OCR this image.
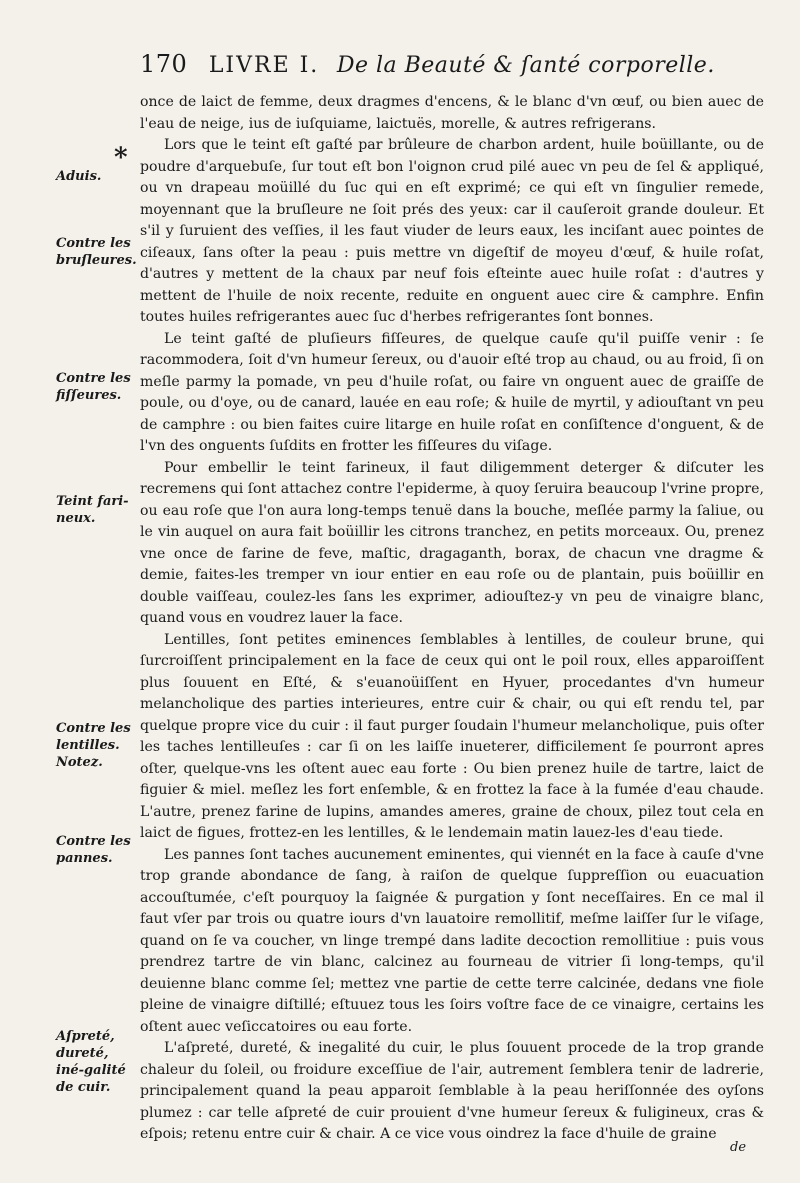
170 LIVRE I. De la Beauté & ſanté corporelle.
*
Aduis.
Contre les bruſleures.
Contre les fiſſeures.
Teint fari-neux.
Contre les lentilles. Notez.
Contre les pannes.
Aſpreté, dureté, iné-galité de cuir.

once de laict de femme, deux dragmes d'encens, & le blanc d'vn œuf, ou bien auec de l'eau de neige, ius de iuſquiame, laictuës, morelle, & autres refrigerans.

Lors que le teint eſt gaſté par brûleure de charbon ardent, huile boüillante, ou de poudre d'arquebuſe, ſur tout eſt bon l'oignon crud pilé auec vn peu de ſel & appliqué, ou vn drapeau moüillé du ſuc qui en eſt exprimé; ce qui eſt vn ſingulier remede, moyennant que la bruſleure ne ſoit prés des yeux: car il cauſeroit grande douleur. Et s'il y ſuruient des veſſies, il les faut viuder de leurs eaux, les inciſant auec pointes de ciſeaux, ſans oſter la peau : puis mettre vn digeſtif de moyeu d'œuf, & huile roſat, d'autres y mettent de la chaux par neuf fois eſteinte auec huile roſat : d'autres y mettent de l'huile de noix recente, reduite en onguent auec cire & camphre. Enfin toutes huiles refrigerantes auec ſuc d'herbes refrigerantes ſont bonnes.

Le teint gaſté de pluſieurs fiſſeures, de quelque cauſe qu'il puiſſe venir : ſe racommodera, ſoit d'vn humeur ſereux, ou d'auoir eſté trop au chaud, ou au froid, ſi on meſle parmy la pomade, vn peu d'huile roſat, ou faire vn onguent auec de graiſſe de poule, ou d'oye, ou de canard, lauée en eau roſe; & huile de myrtil, y adiouſtant vn peu de camphre : ou bien faites cuire litarge en huile roſat en conſiſtence d'onguent, & de l'vn des onguents ſuſdits en frotter les fiſſeures du viſage.

Pour embellir le teint farineux, il faut diligemment deterger & diſcuter les recremens qui ſont attachez contre l'epiderme, à quoy ſeruira beaucoup l'vrine propre, ou eau roſe que l'on aura long-temps tenuë dans la bouche, meſlée parmy la ſaliue, ou le vin auquel on aura fait boüillir les citrons tranchez, en petits morceaux. Ou, prenez vne once de farine de feve, maſtic, dragaganth, borax, de chacun vne dragme & demie, faites-les tremper vn iour entier en eau roſe ou de plantain, puis boüillir en double vaiſſeau, coulez-les ſans les exprimer, adiouſtez-y vn peu de vinaigre blanc, quand vous en voudrez lauer la face.

Lentilles, ſont petites eminences ſemblables à lentilles, de couleur brune, qui ſurcroiſſent principalement en la face de ceux qui ont le poil roux, elles apparoiſſent plus ſouuent en Eſté, & s'euanoüiſſent en Hyuer, procedantes d'vn humeur melancholique des parties interieures, entre cuir & chair, ou qui eſt rendu tel, par quelque propre vice du cuir : il faut purger ſoudain l'humeur melancholique, puis oſter les taches lentilleuſes : car ſi on les laiſſe inueterer, difficilement ſe pourront apres oſter, quelque-vns les oſtent auec eau forte : Ou bien prenez huile de tartre, laict de figuier & miel. meſlez les fort enſemble, & en frottez la face à la fumée d'eau chaude. L'autre, prenez farine de lupins, amandes ameres, graine de choux, pilez tout cela en laict de figues, frottez-en les lentilles, & le lendemain matin lauez-les d'eau tiede.

Les pannes ſont taches aucunement eminentes, qui viennét en la face à cauſe d'vne trop grande abondance de ſang, à raiſon de quelque ſuppreſſion ou euacuation accouſtumée, c'eſt pourquoy la ſaignée & purgation y ſont neceſſaires. En ce mal il faut vſer par trois ou quatre iours d'vn lauatoire remollitif, meſme laiſſer ſur le viſage, quand on ſe va coucher, vn linge trempé dans ladite decoction remollitiue : puis vous prendrez tartre de vin blanc, calcinez au fourneau de vitrier ſi long-temps, qu'il deuienne blanc comme ſel; mettez vne partie de cette terre calcinée, dedans vne fiole pleine de vinaigre diſtillé; eſtuuez tous les ſoirs voſtre face de ce vinaigre, certains les oſtent auec veſiccatoires ou eau forte.

L'aſpreté, dureté, & inegalité du cuir, le plus ſouuent procede de la trop grande chaleur du ſoleil, ou froidure exceſſiue de l'air, autrement ſemblera tenir de ladrerie, principalement quand la peau apparoit ſemblable à la peau heriſſonnée des oyſons plumez : car telle aſpreté de cuir prouient d'vne humeur ſereux & fuligineux, cras & eſpois; retenu entre cuir & chair. A ce vice vous oindrez la face d'huile de graine

de
